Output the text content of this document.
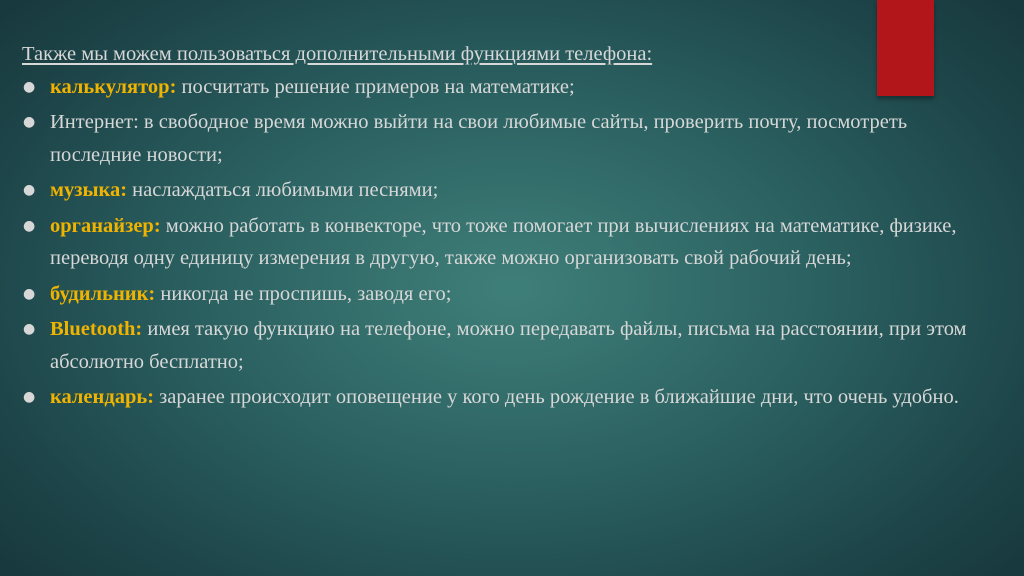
Также мы можем пользоваться дополнительными функциями телефона:

● калькулятор: посчитать решение примеров на математике;
● Интернет: в свободное время можно выйти на свои любимые сайты, проверить почту, посмотреть последние новости;
● музыка: наслаждаться любимыми песнями;
● органайзер: можно работать в конвекторе, что тоже помогает при вычислениях на математике, физике, переводя одну единицу измерения в другую, также можно организовать свой рабочий день;
● будильник: никогда не проспишь, заводя его;
● Bluetooth: имея такую функцию на телефоне, можно передавать файлы, письма на расстоянии, при этом абсолютно бесплатно;
● календарь: заранее происходит оповещение у кого день рождение в ближайшие дни, что очень удобно.
